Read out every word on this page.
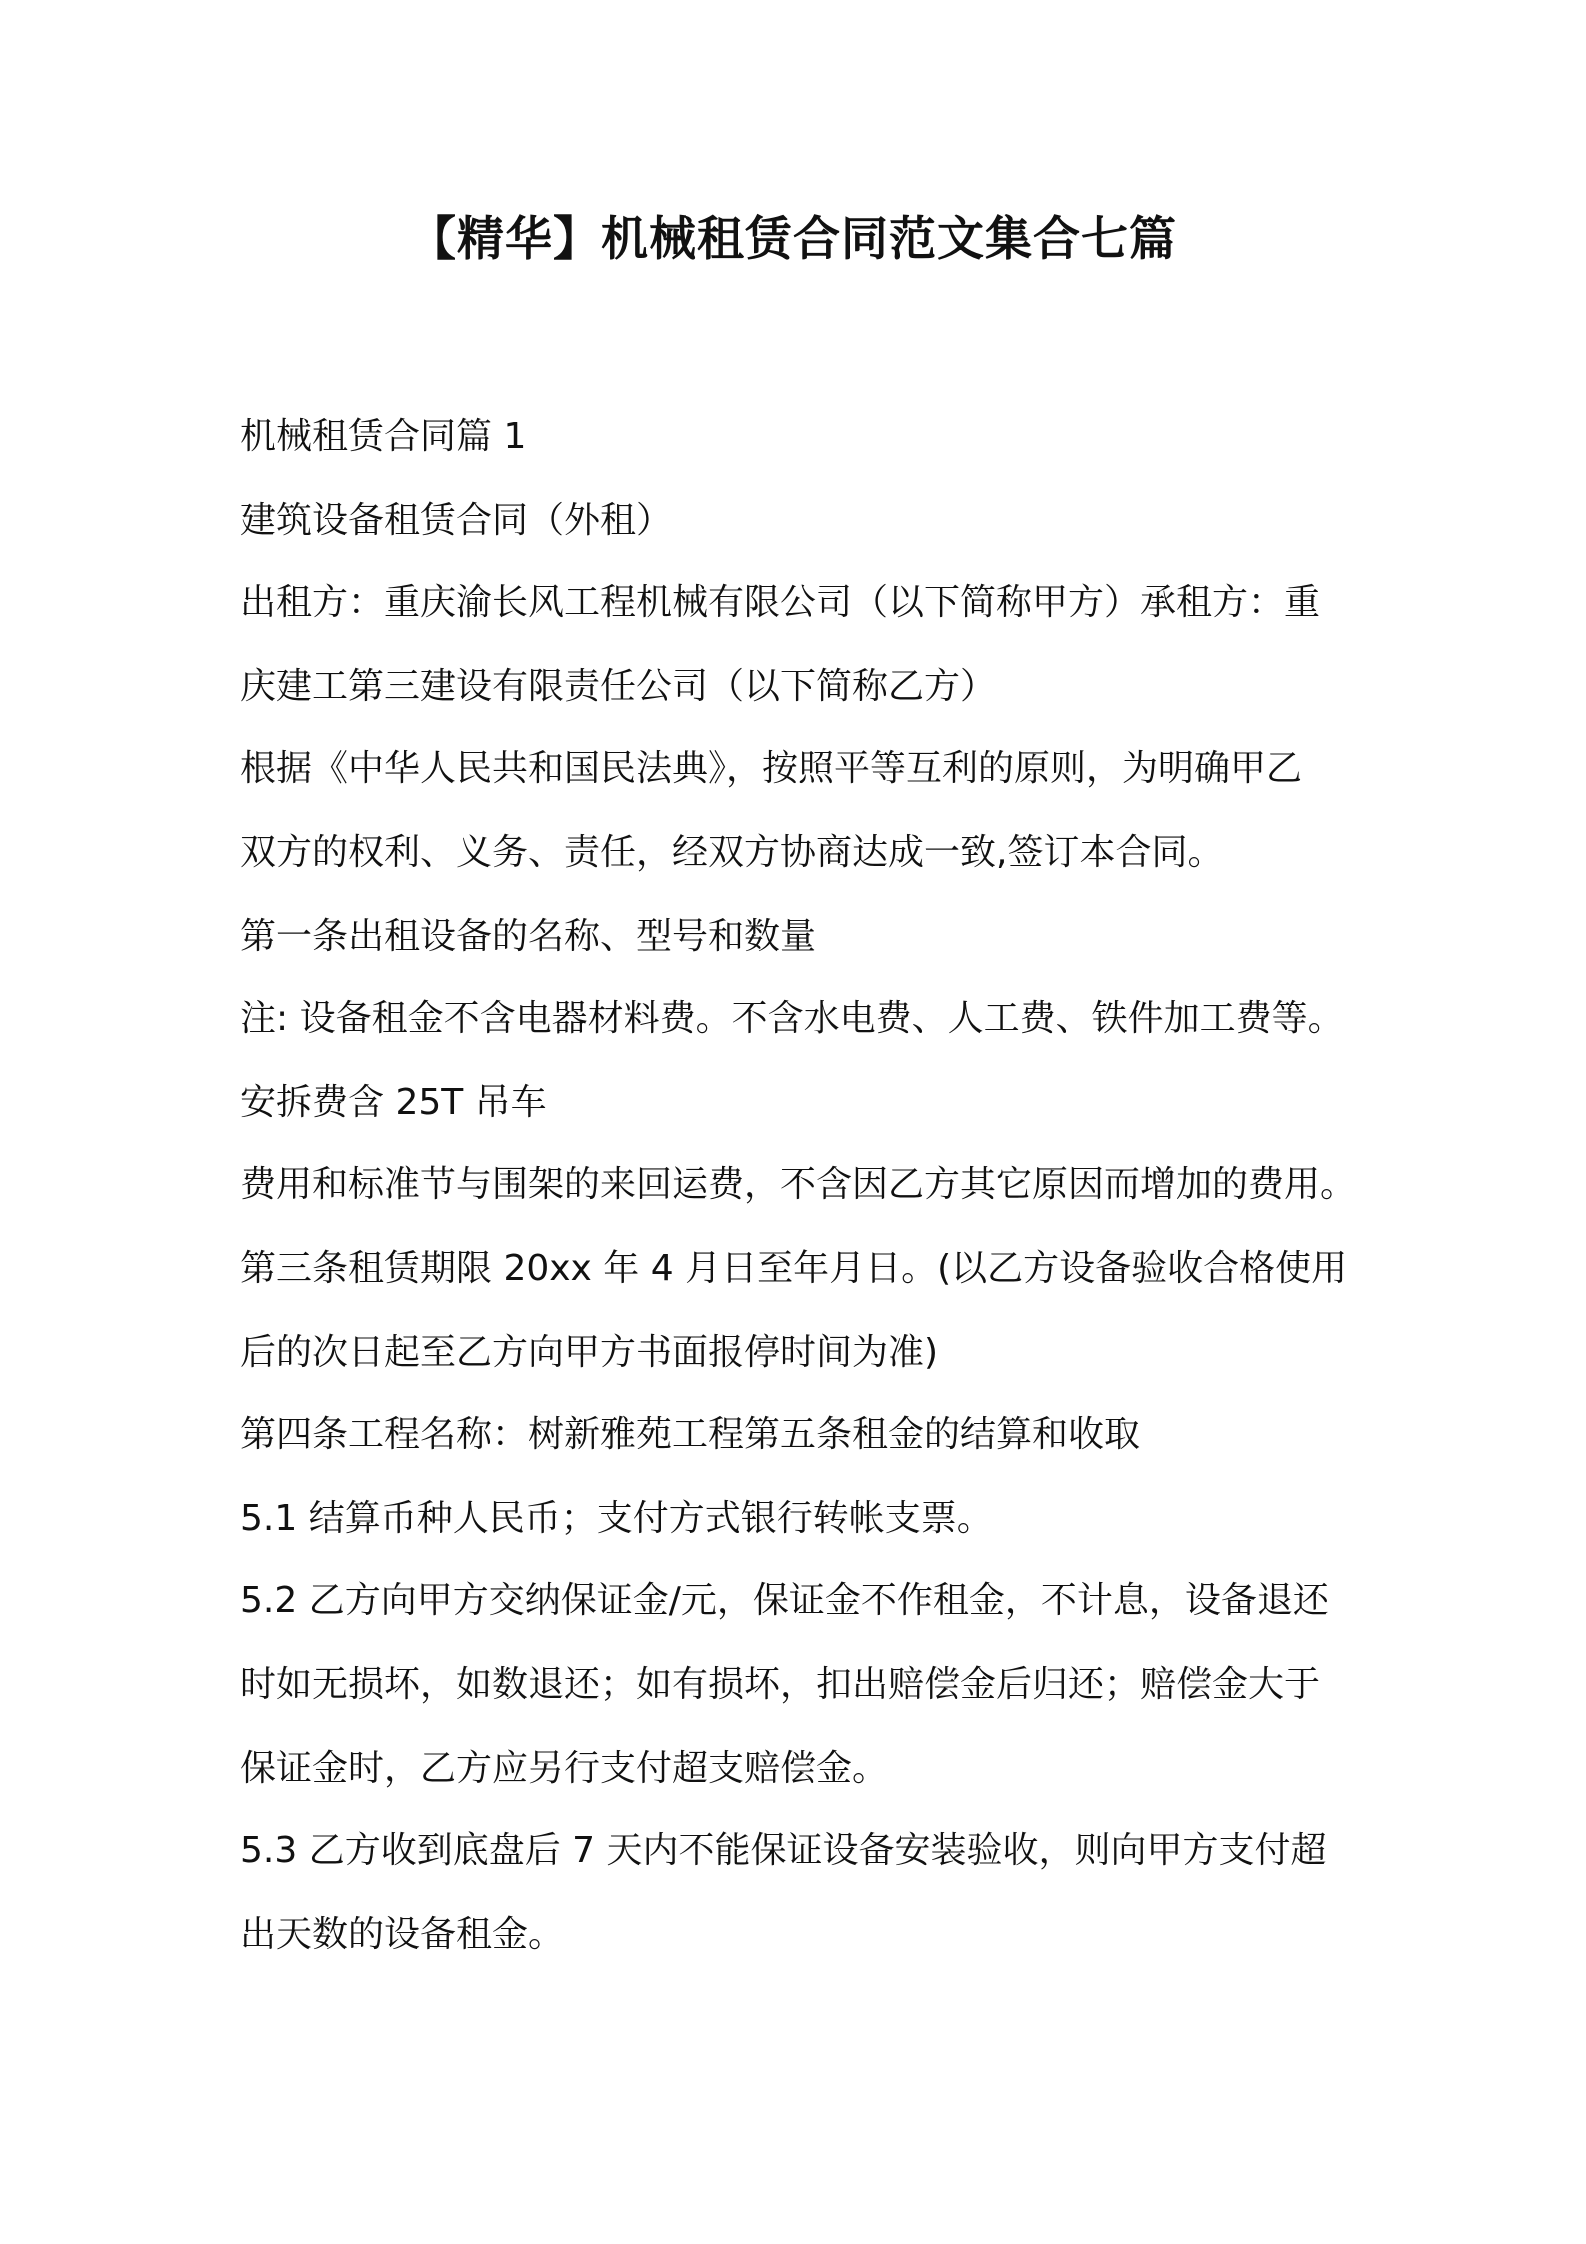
【精华】机械租赁合同范文集合七篇
机械租赁合同篇 1
建筑设备租赁合同（外租）
出租方：重庆渝长风工程机械有限公司（以下简称甲方）承租方：重
庆建工第三建设有限责任公司（以下简称乙方）
根据《中华人民共和国民法典》，按照平等互利的原则，为明确甲乙
双方的权利、义务、责任，经双方协商达成一致,签订本合同。
第一条出租设备的名称、型号和数量
注: 设备租金不含电器材料费。不含水电费、人工费、铁件加工费等。
安拆费含 25T 吊车
费用和标准节与围架的来回运费，不含因乙方其它原因而增加的费用。
第三条租赁期限 20xx 年 4 月日至年月日。(以乙方设备验收合格使用
后的次日起至乙方向甲方书面报停时间为准)
第四条工程名称：树新雅苑工程第五条租金的结算和收取
5.1 结算币种人民币；支付方式银行转帐支票。
5.2 乙方向甲方交纳保证金/元，保证金不作租金，不计息，设备退还
时如无损坏，如数退还；如有损坏，扣出赔偿金后归还；赔偿金大于
保证金时，乙方应另行支付超支赔偿金。
5.3 乙方收到底盘后 7 天内不能保证设备安装验收，则向甲方支付超
出天数的设备租金。
